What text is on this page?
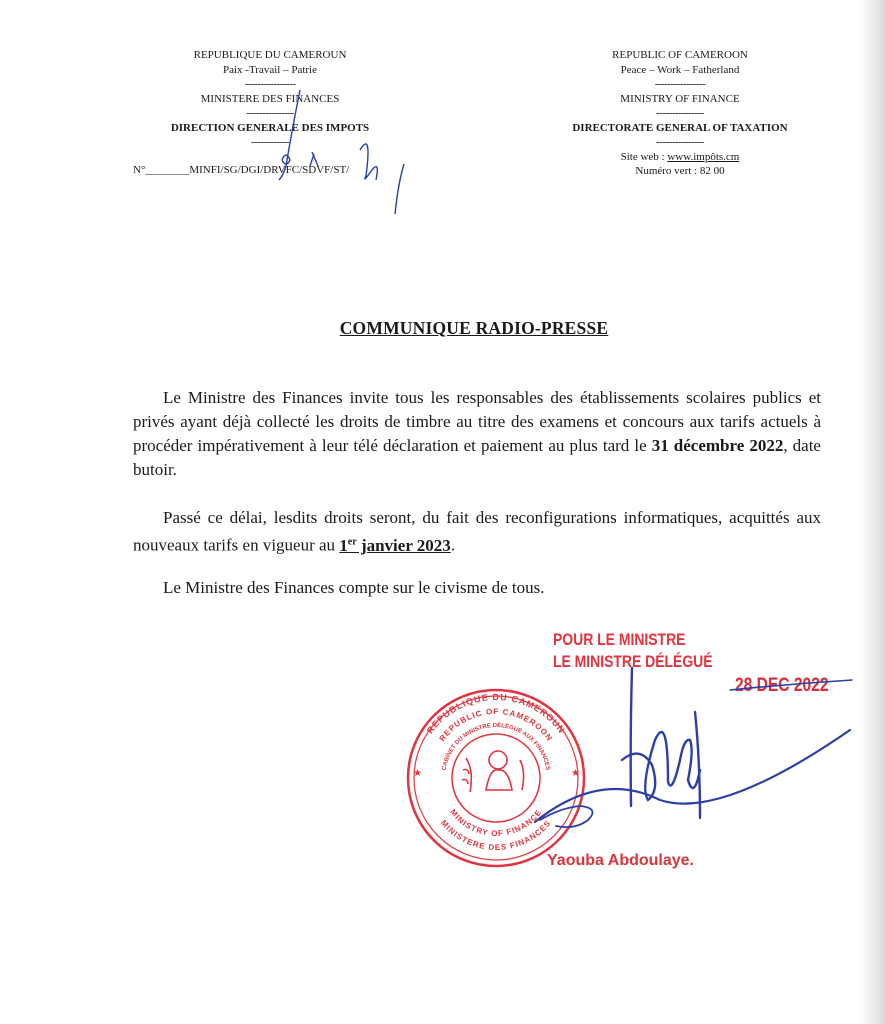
REPUBLIQUE DU CAMEROUN
Paix -Travail – Patrie
----------------
MINISTERE DES FINANCES
---------------
DIRECTION GENERALE DES IMPOTS
------------
N°________MINFI/SG/DGI/DRVFC/SDVF/ST/
REPUBLIC OF CAMEROON
Peace – Work – Fatherland
----------------
MINISTRY OF FINANCE
---------------
DIRECTORATE GENERAL OF TAXATION
---------------
Site web : www.impôts.cm
Numéro vert : 82 00
COMMUNIQUE RADIO-PRESSE

Le Ministre des Finances invite tous les responsables des établissements scolaires publics et privés ayant déjà collecté les droits de timbre au titre des examens et concours aux tarifs actuels à procéder impérativement à leur télé déclaration et paiement au plus tard le 31 décembre 2022, date butoir.

Passé ce délai, lesdits droits seront, du fait des reconfigurations informatiques, acquittés aux nouveaux tarifs en vigueur au 1er janvier 2023.

Le Ministre des Finances compte sur le civisme de tous.

POUR LE MINISTRE
LE MINISTRE DÉLÉGUÉ
28 DEC 2022
REPUBLIQUE DU CAMEROUN
REPUBLIC OF CAMEROON
CABINET DU MINISTRE DÉLÉGUÉ AUX FINANCES
MINISTRY OF FINANCE
MINISTERE DES FINANCES
★	★
Yaouba Abdoulaye.
